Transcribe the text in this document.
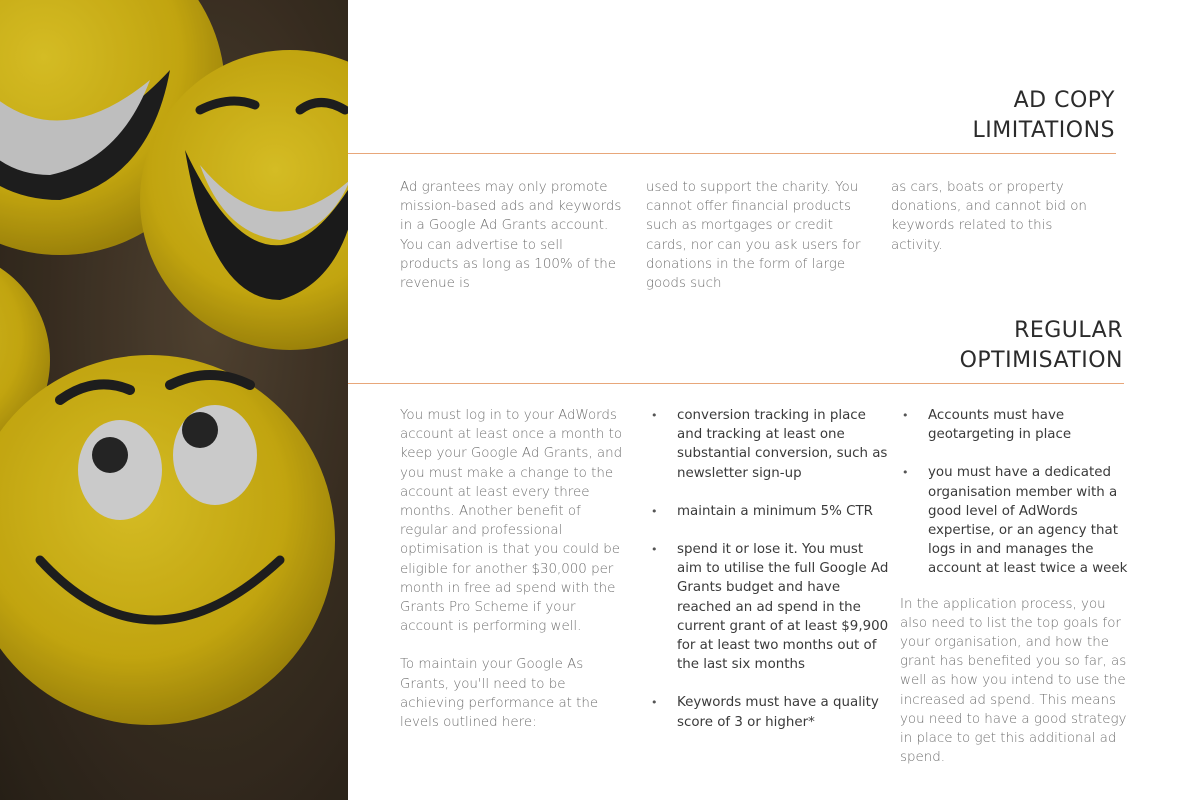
AD COPY
LIMITATIONS

Ad grantees may only promote mission-based ads and keywords in a Google Ad Grants account. You can advertise to sell products as long as 100% of the revenue is

used to support the charity. You cannot offer financial products such as mortgages or credit cards, nor can you ask users for donations in the form of large goods such

as cars, boats or property donations, and cannot bid on keywords related to this activity.

REGULAR
OPTIMISATION

You must log in to your AdWords account at least once a month to keep your Google Ad Grants, and you must make a change to the account at least every three months. Another benefit of regular and professional optimisation is that you could be eligible for another $30,000 per month in free ad spend with the Grants Pro Scheme if your account is performing well.

To maintain your Google As Grants, you'll need to be achieving performance at the levels outlined here:

• conversion tracking in place and tracking at least one substantial conversion, such as newsletter sign-up
• maintain a minimum 5% CTR
• spend it or lose it. You must aim to utilise the full Google Ad Grants budget and have reached an ad spend in the current grant of at least $9,900 for at least two months out of the last six months
• Keywords must have a quality score of 3 or higher*
• Accounts must have geotargeting in place
• you must have a dedicated organisation member with a good level of AdWords expertise, or an agency that logs in and manages the account at least twice a week

In the application process, you also need to list the top goals for your organisation, and how the grant has benefited you so far, as well as how you intend to use the increased ad spend. This means you need to have a good strategy in place to get this additional ad spend.
